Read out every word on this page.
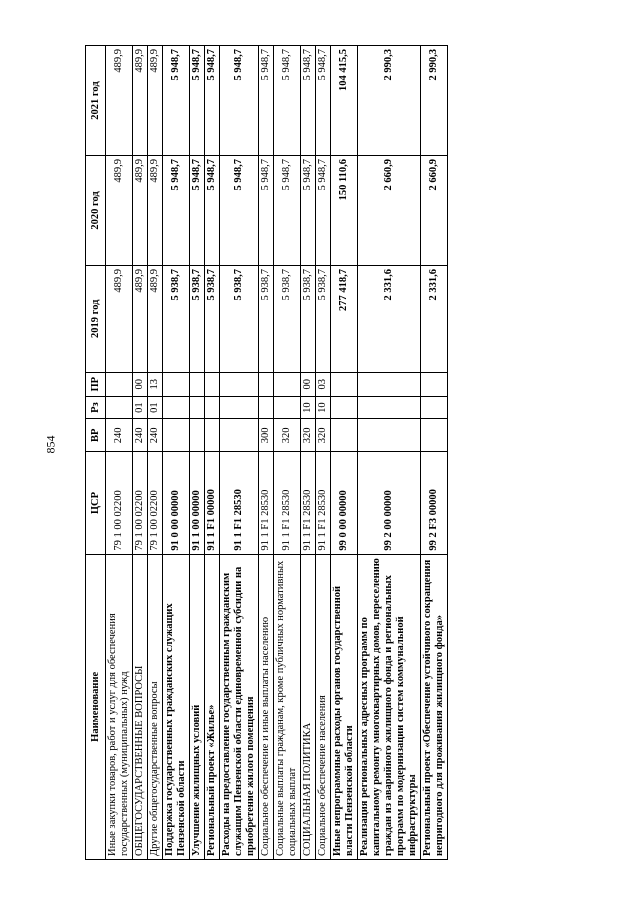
854
Наименование	ЦСР	ВР	Рз	ПР	2019 год	2020 год	2021 год
Иные закупки товаров, работ и услуг для обеспечения государственных (муниципальных) нужд	79 1 00 02200	240			489,9	489,9	489,9
ОБЩЕГОСУДАРСТВЕННЫЕ ВОПРОСЫ	79 1 00 02200	240	01	00	489,9	489,9	489,9
Другие общегосударственные вопросы	79 1 00 02200	240	01	13	489,9	489,9	489,9
Поддержка государственных гражданских служащих Пензенской области	91 0 00 00000				5 938,7	5 948,7	5 948,7
Улучшение жилищных условий	91 1 00 00000				5 938,7	5 948,7	5 948,7
Региональный проект «Жилье»	91 1 F1 00000				5 938,7	5 948,7	5 948,7
Расходы на предоставление государственным гражданским служащим Пензенской области единовременной субсидии на приобретение жилого помещения	91 1 F1 28530				5 938,7	5 948,7	5 948,7
Социальное обеспечение и иные выплаты населению	91 1 F1 28530	300			5 938,7	5 948,7	5 948,7
Социальные выплаты гражданам, кроме публичных нормативных социальных выплат	91 1 F1 28530	320			5 938,7	5 948,7	5 948,7
СОЦИАЛЬНАЯ ПОЛИТИКА	91 1 F1 28530	320	10	00	5 938,7	5 948,7	5 948,7
Социальное обеспечение населения	91 1 F1 28530	320	10	03	5 938,7	5 948,7	5 948,7
Иные непрограммные расходы органов государственной власти Пензенской области	99 0 00 00000				277 418,7	150 110,6	104 415,5
Реализация региональных адресных программ по капитальному ремонту многоквартирных домов, переселению граждан из аварийного жилищного фонда и региональных программ по модернизации систем коммунальной инфраструктуры	99 2 00 00000				2 331,6	2 660,9	2 990,3
Региональный проект «Обеспечение устойчивого сокращения непригодного для проживания жилищного фонда»	99 2 F3 00000				2 331,6	2 660,9	2 990,3
